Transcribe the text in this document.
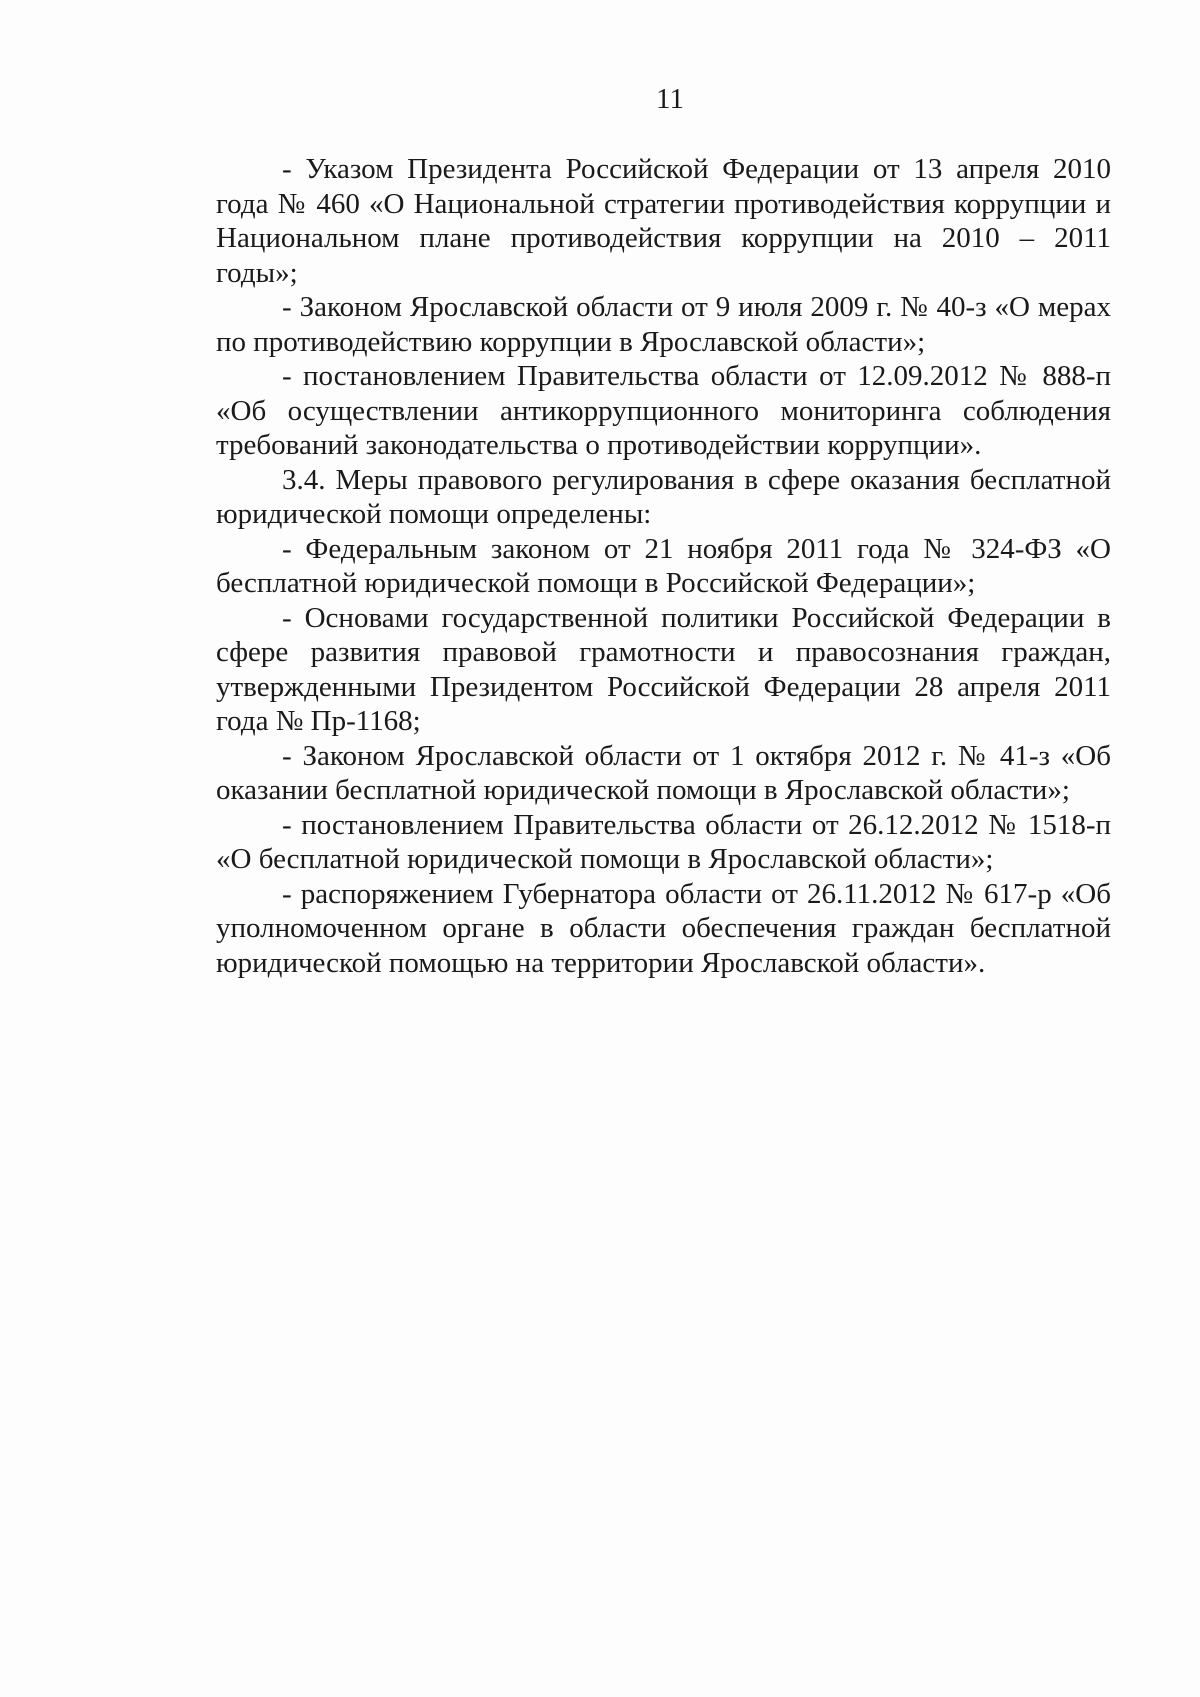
11

- Указом Президента Российской Федерации от 13 апреля 2010 года № 460 «О Национальной стратегии противодействия коррупции и Национальном плане противодействия коррупции на 2010 – 2011 годы»;

- Законом Ярославской области от 9 июля 2009 г. № 40-з «О мерах по противодействию коррупции в Ярославской области»;

- постановлением Правительства области от 12.09.2012 № 888-п «Об осуществлении антикоррупционного мониторинга соблюдения требований законодательства о противодействии коррупции».

3.4. Меры правового регулирования в сфере оказания бесплатной юридической помощи определены:

- Федеральным законом от 21 ноября 2011 года № 324-ФЗ «О бесплатной юридической помощи в Российской Федерации»;

- Основами государственной политики Российской Федерации в сфере развития правовой грамотности и правосознания граждан, утвержденными Президентом Российской Федерации 28 апреля 2011 года № Пр-1168;

- Законом Ярославской области от 1 октября 2012 г. № 41-з «Об оказании бесплатной юридической помощи в Ярославской области»;

- постановлением Правительства области от 26.12.2012 № 1518-п «О бесплатной юридической помощи в Ярославской области»;

- распоряжением Губернатора области от 26.11.2012 № 617-р «Об уполномоченном органе в области обеспечения граждан бесплатной юридической помощью на территории Ярославской области».
